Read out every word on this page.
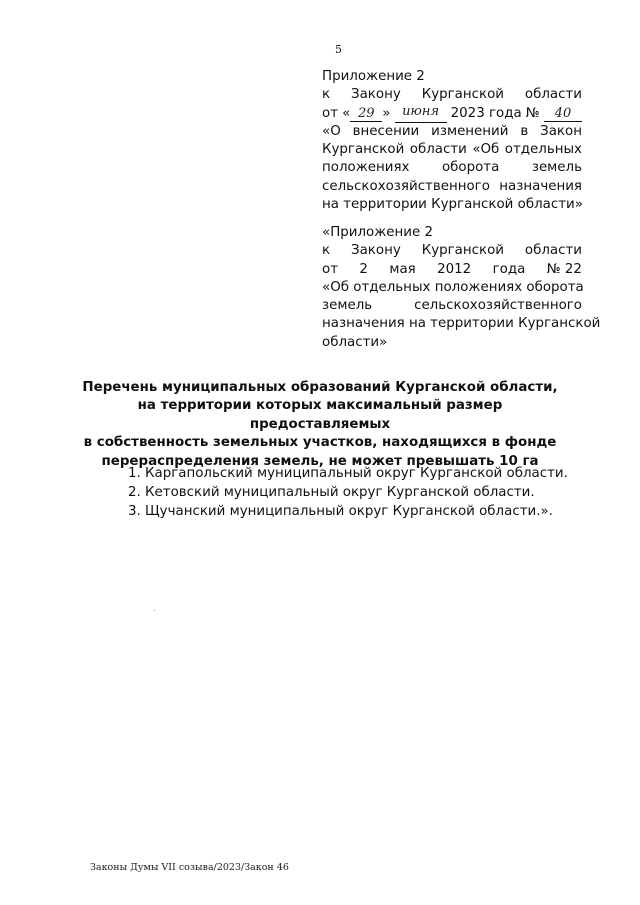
5
Приложение 2
к Закону Курганской области
от « 29 » июня 2023 года № 40
«О внесении изменений в Закон
Курганской области «Об отдельных
положениях оборота земель
сельскохозяйственного назначения
на территории Курганской области»
«Приложение 2
к Закону Курганской области
от 2 мая 2012 года № 22
«Об отдельных положениях оборота
земель	сельскохозяйственного
назначения на территории Курганской
области»
Перечень муниципальных образований Курганской области,
на территории которых максимальный размер предоставляемых
в собственность земельных участков, находящихся в фонде
перераспределения земель, не может превышать 10 га
1. Каргапольский муниципальный округ Курганской области.
2. Кетовский муниципальный округ Курганской области.
3. Щучанский муниципальный округ Курганской области.».
Законы Думы VII созыва/2023/Закон 46
